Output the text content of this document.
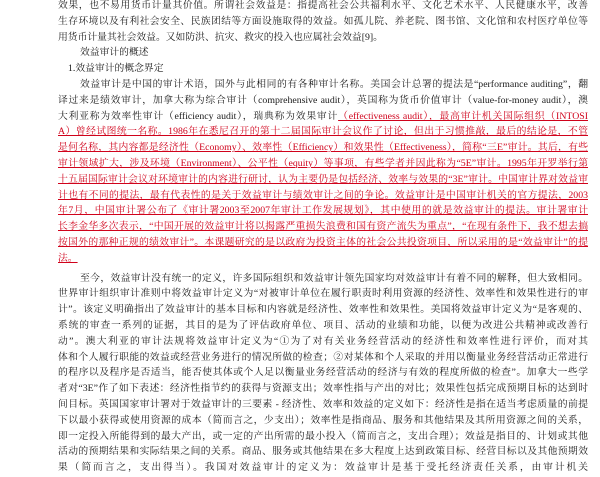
效果，也不易用货币计量其价值。所谓社会效益是：指提高社会公共福利水平、文化艺术水平、人民健康水平，改善
生存环境以及有利社会安全、民族团结等方面设施取得的效益。如孤儿院、养老院、图书馆、文化馆和农村医疗单位等
用货币计量其社会效益。又如防洪、抗灾、救灾的投入也应属社会效益[9]。
效益审计的概述
1.效益审计的概念界定
效益审计是中国的审计术语，国外与此相同的有各种审计名称。美国会计总署的提法是“performance auditing”，翻
译过来是绩效审计，加拿大称为综合审计（comprehensive audit），英国称为货币价值审计（value-for-money audit），澳
大利亚称为效率性审计（efficiency audit），瑞典称为效果审计（effectiveness audit），最高审计机关国际组织（INTOSI
A）曾经试图统一名称。1986年在悉尼召开的第十二届国际审计会议作了讨论，但出于习惯推敲，最后的结论是，不管
是何名称，其内容都是经济性（Economy）、效率性（Efficiency）和效果性（Effectiveness），简称“三E”审计。其后，有些
审计领域扩大，涉及环境（Environment）、公平性（equity）等事项，有些学者并因此称为“5E”审计。1995年开罗举行第
十五届国际审计会议对环境审计的内容进行研讨，认为主要仍是包括经济、效率与效果的“3E”审计。中国审计界对效益审
计也有不同的提法，最有代表性的是关于效益审计与绩效审计之间的争论。效益审计是中国审计机关的官方提法，2003
年7月，中国审计署公布了《审计署2003至2007年审计工作发展规划》，其中使用的就是效益审计的提法。审计署审计
长李金华多次表示，“中国开展的效益审计将以揭露严重损失浪费和国有资产流失为重点”，“在现有条件下，我不想去搞
按国外的那种正规的绩效审计”。本课题研究的是以政府为投资主体的社会公共投资项目，所以采用的是“效益审计”的提
法。
至今，效益审计没有统一的定义，许多国际组织和效益审计领先国家均对效益审计有着不同的解释，但大致相同。
世界审计组织审计准则中将效益审计定义为“对被审计单位在履行职责时利用资源的经济性、效率性和效果性进行的审
计”。该定义明确指出了效益审计的基本目标和内容就是经济性、效率性和效果性。美国将效益审计定义为“是客观的、
系统的审查一系列的证据，其目的是为了评估政府单位、项目、活动的业绩和功能，以便为改进公共精神或改善行
动”。澳大利亚的审计法规将效益审计定义为“①为了对有关业务经营活动的经济性和效率性进行评价，而对其
体和个人履行职能的效益或经营业务进行的情况所做的检查；②对某体和个人采取的并用以衡量业务经营活动正常进行
的程序以及程序是否适当，能否使其体或个人足以衡量业务经营活动的经济与有效的程度所做的检查”。加拿大一些学
者对“3E”作了如下表述：经济性指节约的获得与资源支出；效率性指与产出的对比；效果性包括完成预期目标的达到时
间目标。英国国家审计署对于效益审计的三要素 - 经济性、效率和效益的定义如下：经济性是指在适当考虑质量的前提
下以最小获得或使用资源的成本（简而言之，少支出）；效率性是指商品、服务和其他结果及其所用资源之间的关系，
即一定投入所能得到的最大产出，或一定的产出所需的最小投入（简而言之，支出合理）；效益是指目的、计划或其他
活动的预期结果和实际结果之间的关系。商品、服务或其他结果在多大程度上达到政策目标、经营目标以及其他预期效
果（简而言之，支出得当）。我国对效益审计的定义为：效益审计是基于受托经济责任关系，由审计机关
